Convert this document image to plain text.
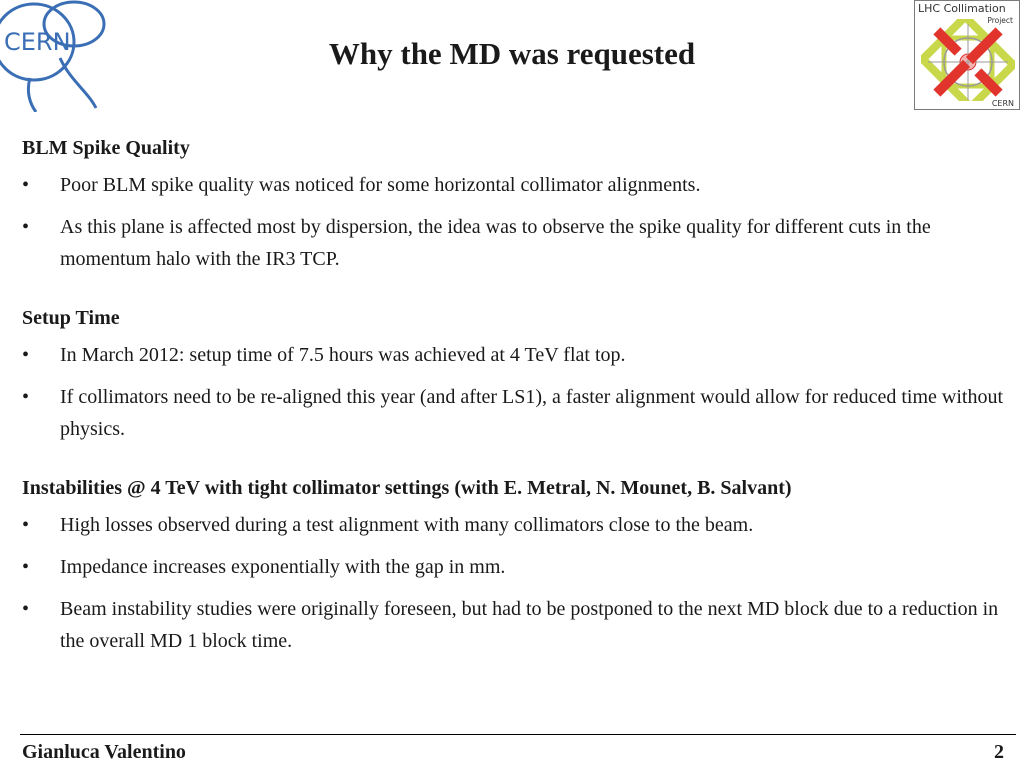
CERN
LHC Collimation
Project
CERN
Why the MD was requested

BLM Spike Quality

• Poor BLM spike quality was noticed for some horizontal collimator alignments.

• As this plane is affected most by dispersion, the idea was to observe the spike quality for different cuts in the momentum halo with the IR3 TCP.

Setup Time

• In March 2012: setup time of 7.5 hours was achieved at 4 TeV flat top.

• If collimators need to be re-aligned this year (and after LS1), a faster alignment would allow for reduced time without physics.

Instabilities @ 4 TeV with tight collimator settings (with E. Metral, N. Mounet, B. Salvant)

• High losses observed during a test alignment with many collimators close to the beam.

• Impedance increases exponentially with the gap in mm.

• Beam instability studies were originally foreseen, but had to be postponed to the next MD block due to a reduction in the overall MD 1 block time.

Gianluca Valentino	2
